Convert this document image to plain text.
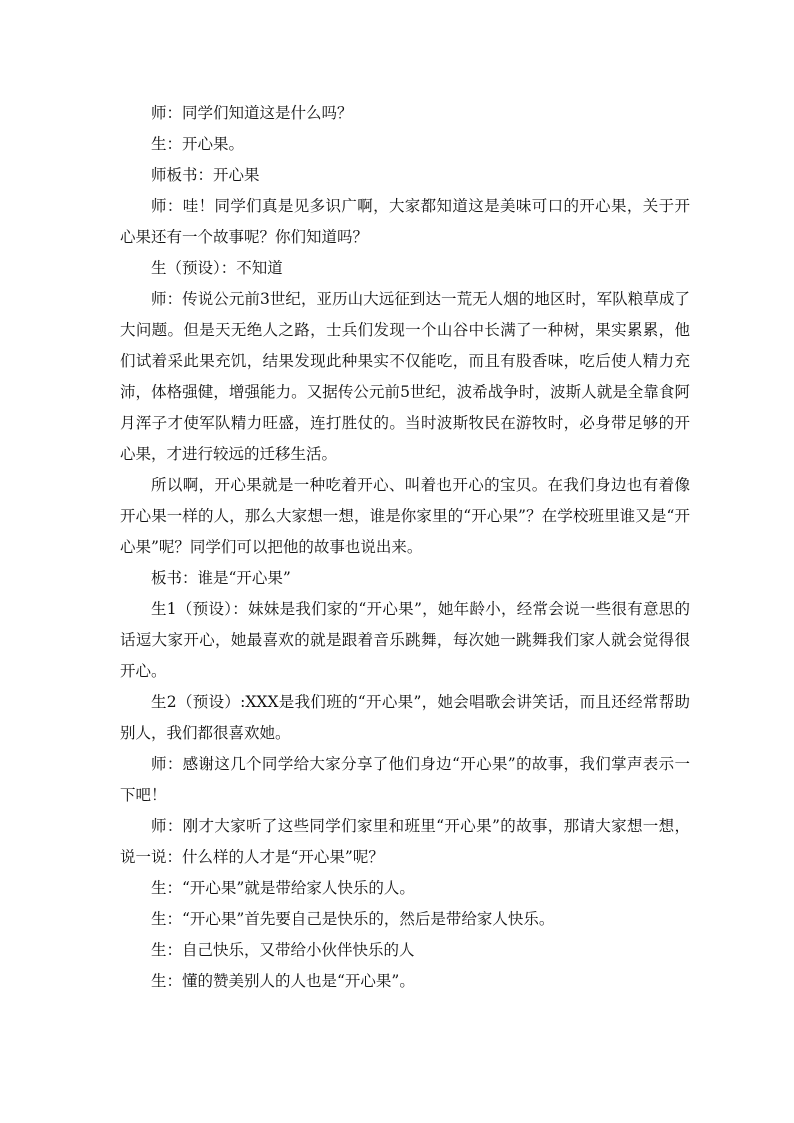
师：同学们知道这是什么吗？

生：开心果。

师板书：开心果

师：哇！同学们真是见多识广啊，大家都知道这是美味可口的开心果，关于开心果还有一个故事呢？你们知道吗？

生（预设）：不知道

师：传说公元前3世纪，亚历山大远征到达一荒无人烟的地区时，军队粮草成了大问题。但是天无绝人之路，士兵们发现一个山谷中长满了一种树，果实累累，他们试着采此果充饥，结果发现此种果实不仅能吃，而且有股香味，吃后使人精力充沛，体格强健，增强能力。又据传公元前5世纪，波希战争时，波斯人就是全靠食阿月浑子才使军队精力旺盛，连打胜仗的。当时波斯牧民在游牧时，必身带足够的开心果，才进行较远的迁移生活。

所以啊，开心果就是一种吃着开心、叫着也开心的宝贝。在我们身边也有着像开心果一样的人，那么大家想一想，谁是你家里的“开心果”？在学校班里谁又是“开心果”呢？同学们可以把他的故事也说出来。

板书：谁是“开心果”

生1（预设）：妹妹是我们家的“开心果”，她年龄小，经常会说一些很有意思的话逗大家开心，她最喜欢的就是跟着音乐跳舞，每次她一跳舞我们家人就会觉得很开心。

生2（预设）:XXX是我们班的“开心果”，她会唱歌会讲笑话，而且还经常帮助别人，我们都很喜欢她。

师：感谢这几个同学给大家分享了他们身边“开心果”的故事，我们掌声表示一下吧！

师：刚才大家听了这些同学们家里和班里“开心果”的故事，那请大家想一想，说一说：什么样的人才是“开心果”呢？

生：“开心果”就是带给家人快乐的人。

生：“开心果”首先要自己是快乐的，然后是带给家人快乐。

生：自己快乐，又带给小伙伴快乐的人

生：懂的赞美别人的人也是“开心果”。
